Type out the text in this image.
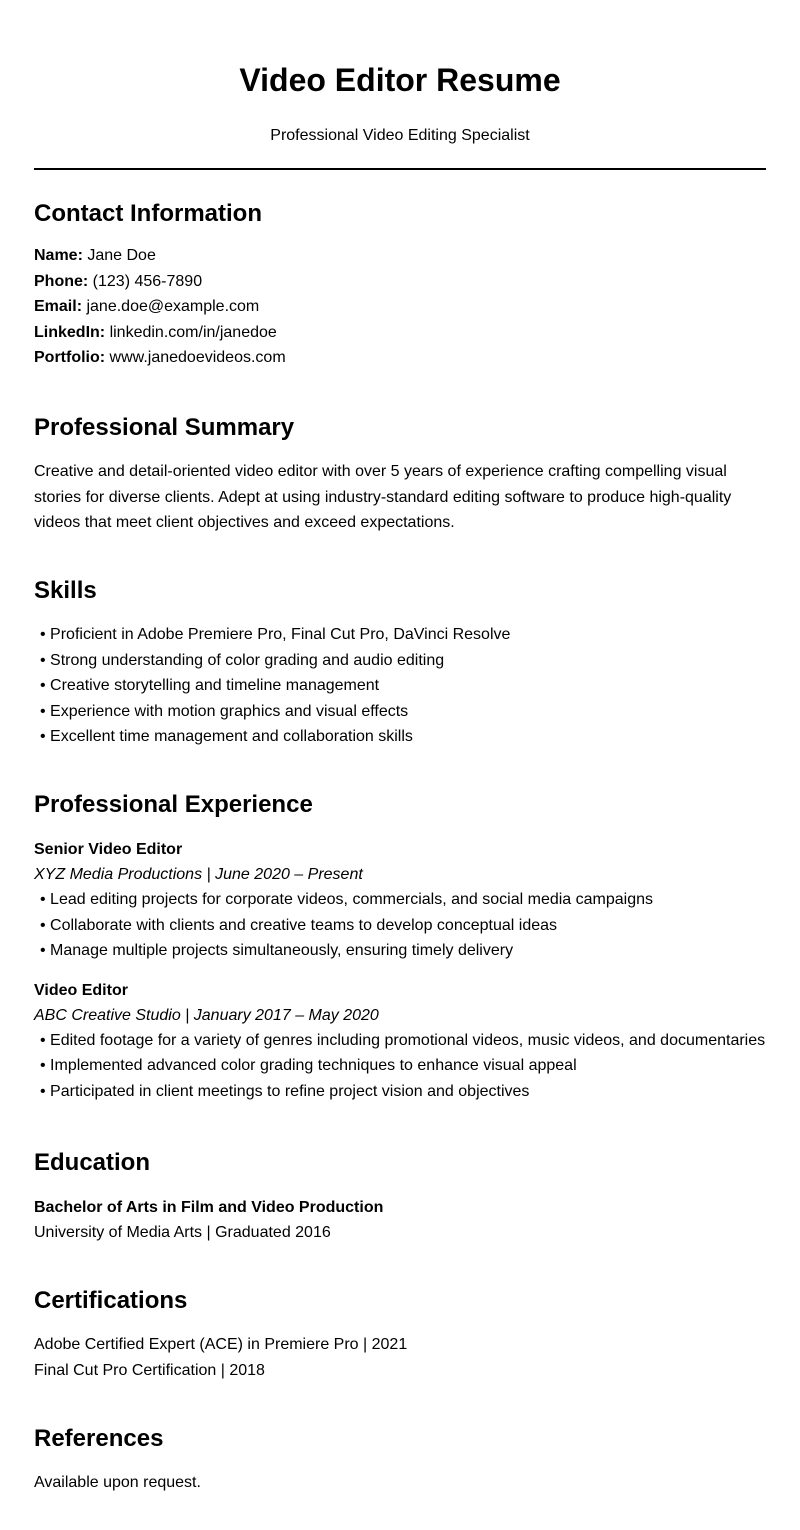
Video Editor Resume
Professional Video Editing Specialist
Contact Information
Name: Jane Doe
Phone: (123) 456-7890
Email: jane.doe@example.com
LinkedIn: linkedin.com/in/janedoe
Portfolio: www.janedoevideos.com
Professional Summary
Creative and detail-oriented video editor with over 5 years of experience crafting compelling visual
stories for diverse clients. Adept at using industry-standard editing software to produce high-quality
videos that meet client objectives and exceed expectations.
Skills
• Proficient in Adobe Premiere Pro, Final Cut Pro, DaVinci Resolve
• Strong understanding of color grading and audio editing
• Creative storytelling and timeline management
• Experience with motion graphics and visual effects
• Excellent time management and collaboration skills
Professional Experience
Senior Video Editor
XYZ Media Productions | June 2020 – Present
• Lead editing projects for corporate videos, commercials, and social media campaigns
• Collaborate with clients and creative teams to develop conceptual ideas
• Manage multiple projects simultaneously, ensuring timely delivery
Video Editor
ABC Creative Studio | January 2017 – May 2020
• Edited footage for a variety of genres including promotional videos, music videos, and documentaries
• Implemented advanced color grading techniques to enhance visual appeal
• Participated in client meetings to refine project vision and objectives
Education
Bachelor of Arts in Film and Video Production
University of Media Arts | Graduated 2016
Certifications
Adobe Certified Expert (ACE) in Premiere Pro | 2021
Final Cut Pro Certification | 2018
References
Available upon request.
